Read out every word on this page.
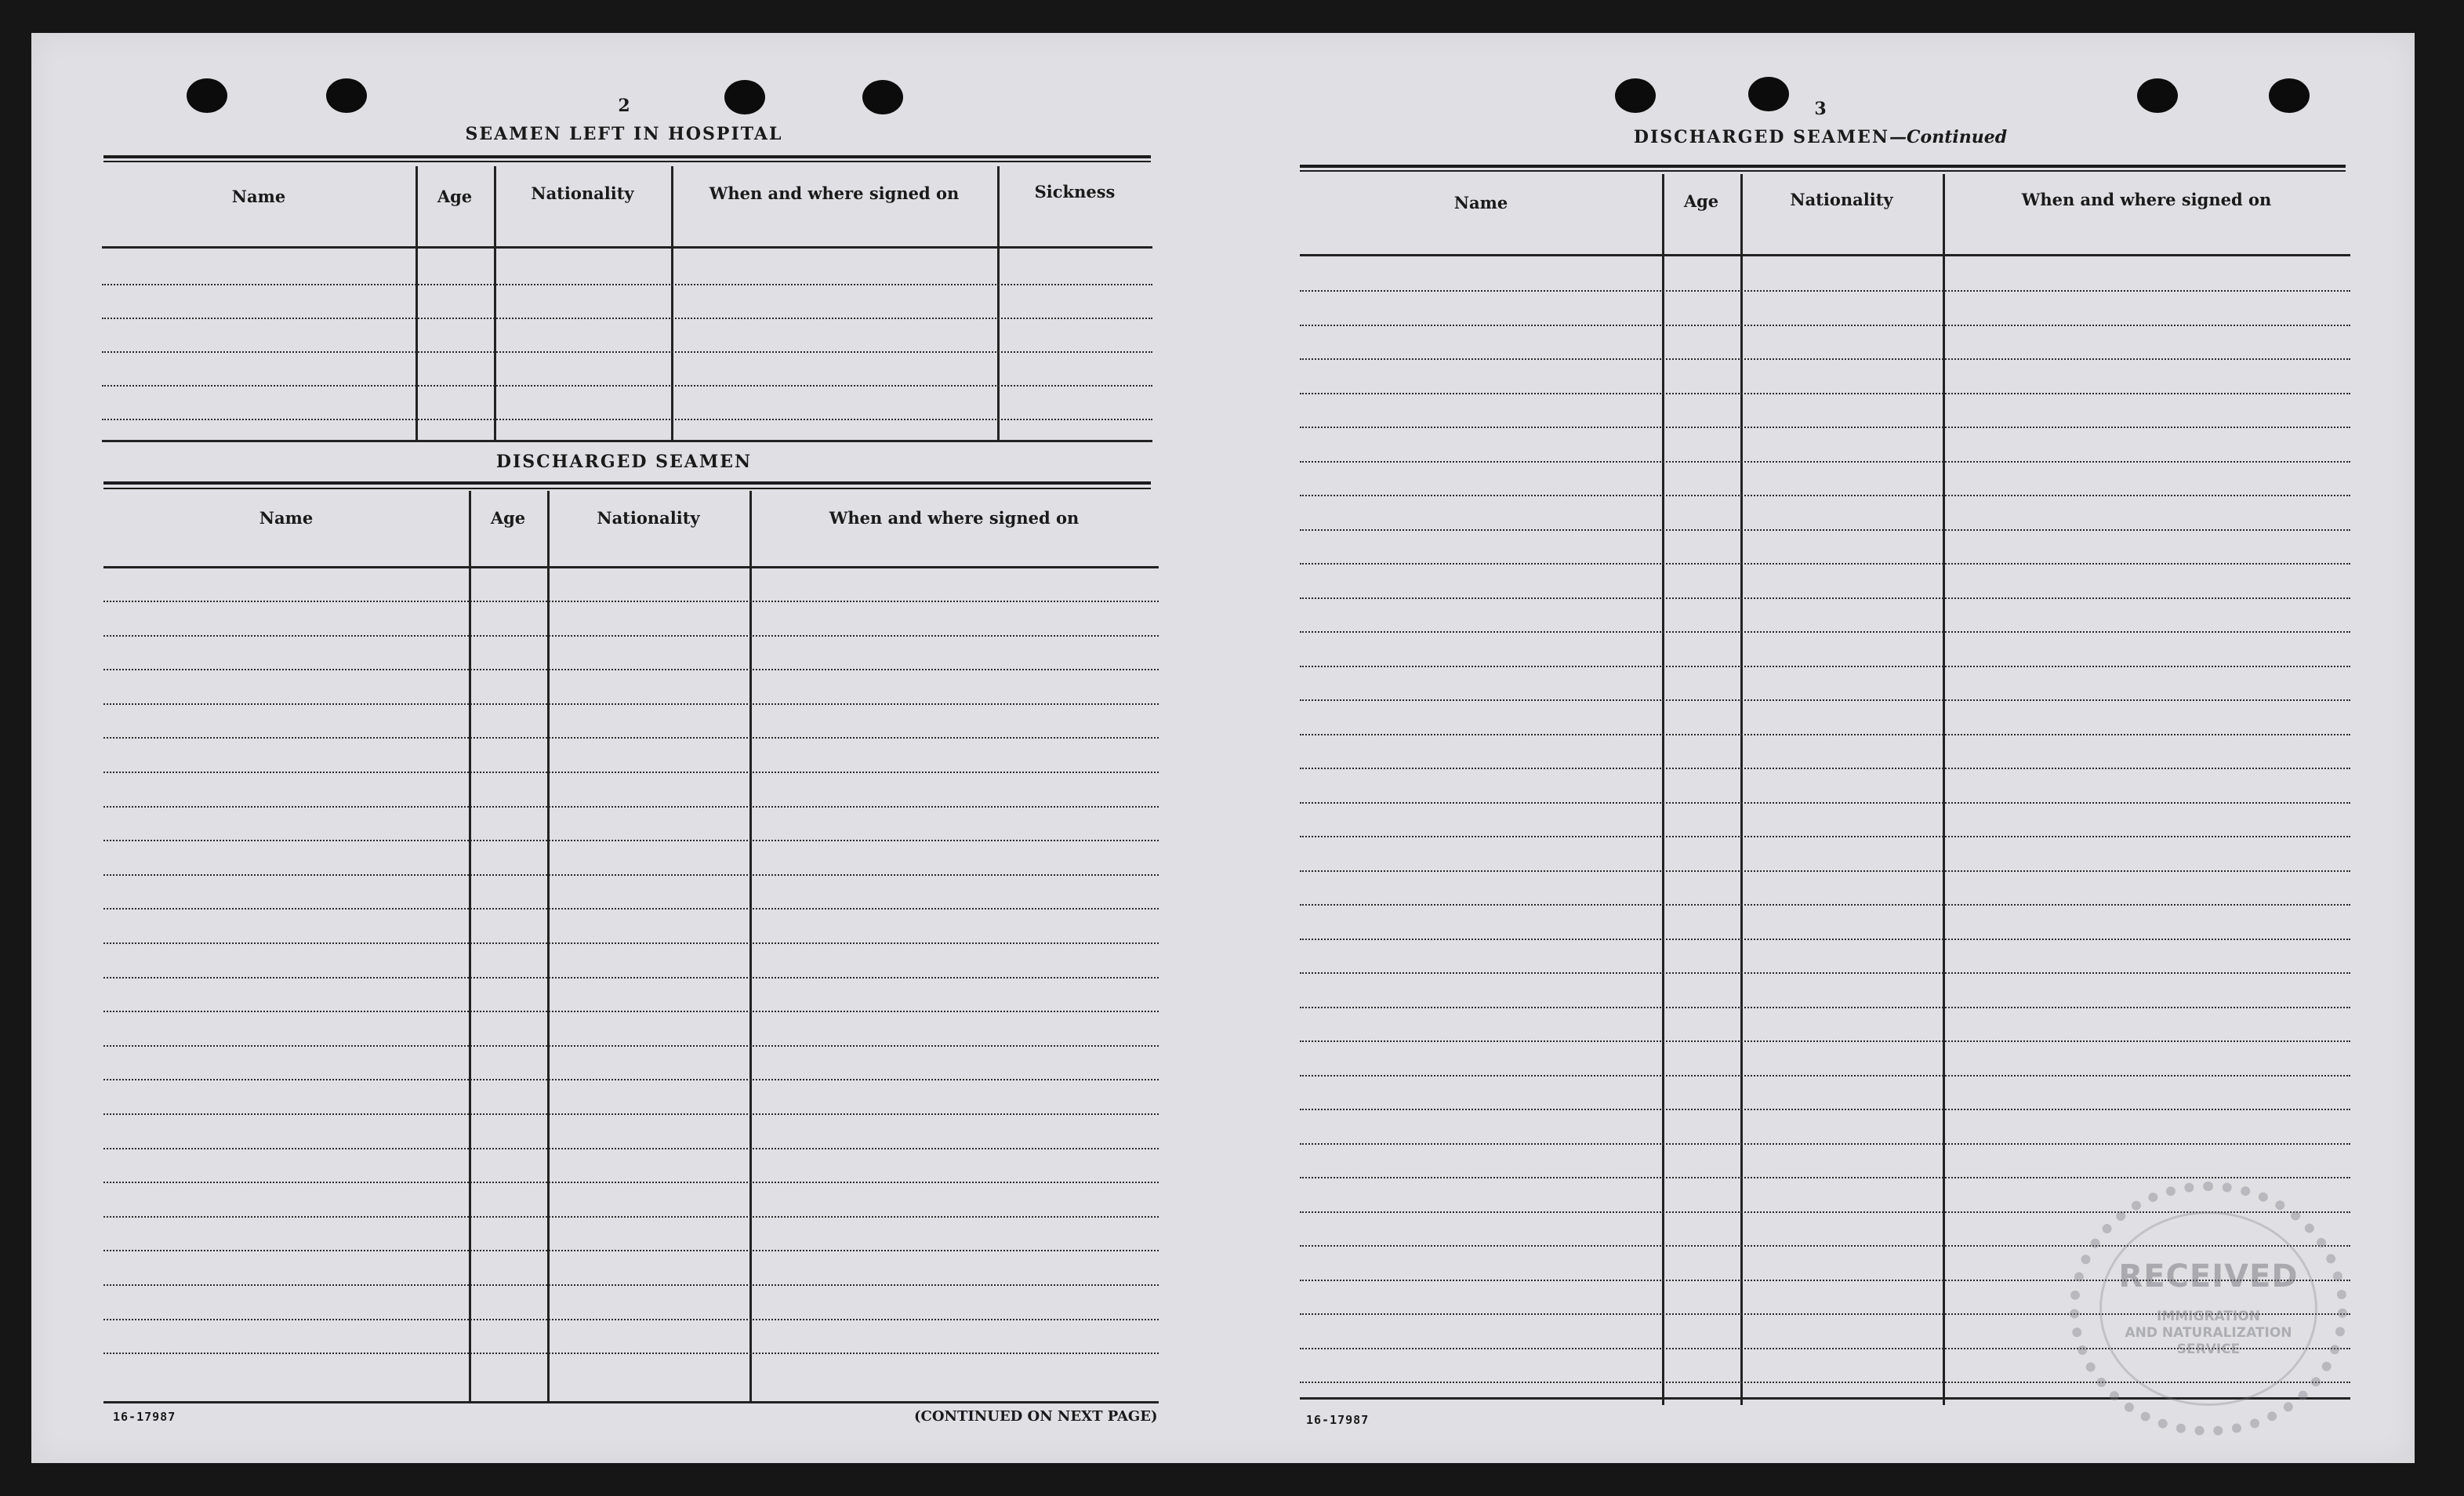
2
SEAMEN LEFT IN HOSPITAL
Name	Age	Nationality	When and where signed on	Sickness
DISCHARGED SEAMEN
Name	Age	Nationality	When and where signed on
16-17987	(CONTINUED ON NEXT PAGE)
3
DISCHARGED SEAMEN—Continued
Name	Age	Nationality	When and where signed on
16-17987
RECEIVED
IMMIGRATION
AND NATURALIZATION
SERVICE
